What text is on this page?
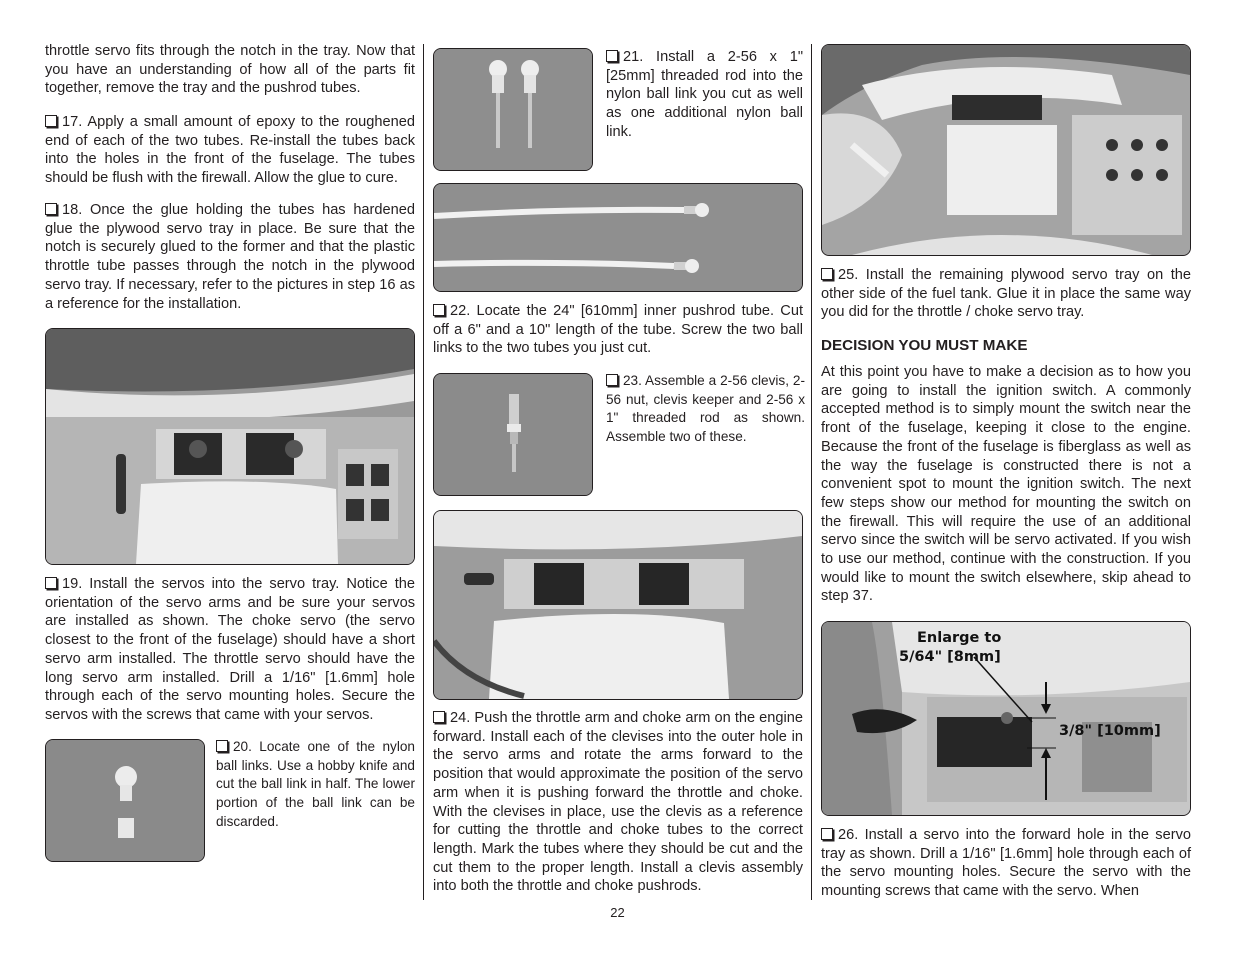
throttle servo fits through the notch in the tray. Now that you have an understanding of how all of the parts fit together, remove the tray and the pushrod tubes.

17. Apply a small amount of epoxy to the roughened end of each of the two tubes. Re-install the tubes back into the holes in the front of the fuselage. The tubes should be flush with the firewall. Allow the glue to cure.

18. Once the glue holding the tubes has hardened glue the plywood servo tray in place. Be sure that the notch is securely glued to the former and that the plastic throttle tube passes through the notch in the plywood servo tray. If necessary, refer to the pictures in step 16 as a reference for the installation.

19. Install the servos into the servo tray. Notice the orientation of the servo arms and be sure your servos are installed as shown. The choke servo (the servo closest to the front of the fuselage) should have a short servo arm installed. The throttle servo should have the long servo arm installed. Drill a 1/16" [1.6mm] hole through each of the servo mounting holes. Secure the servos with the screws that came with your servos.

20. Locate one of the nylon ball links. Use a hobby knife and cut the ball link in half. The lower portion of the ball link can be discarded.

21. Install a 2-56 x 1" [25mm] threaded rod into the nylon ball link you cut as well as one additional nylon ball link.

22. Locate the 24" [610mm] inner pushrod tube. Cut off a 6" and a 10" length of the tube. Screw the two ball links to the two tubes you just cut.

23. Assemble a 2-56 clevis, 2-56 nut, clevis keeper and 2-56 x 1" threaded rod as shown. Assemble two of these.

24. Push the throttle arm and choke arm on the engine forward. Install each of the clevises into the outer hole in the servo arms and rotate the arms forward to the position that would approximate the position of the servo arm when it is pushing forward the throttle and choke. With the clevises in place, use the clevis as a reference for cutting the throttle and choke tubes to the correct length. Mark the tubes where they should be cut and the cut them to the proper length. Install a clevis assembly into both the throttle and choke pushrods.

25. Install the remaining plywood servo tray on the other side of the fuel tank. Glue it in place the same way you did for the throttle / choke servo tray.

DECISION YOU MUST MAKE

At this point you have to make a decision as to how you are going to install the ignition switch. A commonly accepted method is to simply mount the switch near the front of the fuselage, keeping it close to the engine. Because the front of the fuselage is fiberglass as well as the way the fuselage is constructed there is not a convenient spot to mount the ignition switch. The next few steps show our method for mounting the switch on the firewall. This will require the use of an additional servo since the switch will be servo activated. If you wish to use our method, continue with the construction. If you would like to mount the switch elsewhere, skip ahead to step 37.

Enlarge to
5/64" [8mm]
3/8" [10mm]

26. Install a servo into the forward hole in the servo tray as shown. Drill a 1/16" [1.6mm] hole through each of the servo mounting holes. Secure the servo with the mounting screws that came with the servo. When

22
